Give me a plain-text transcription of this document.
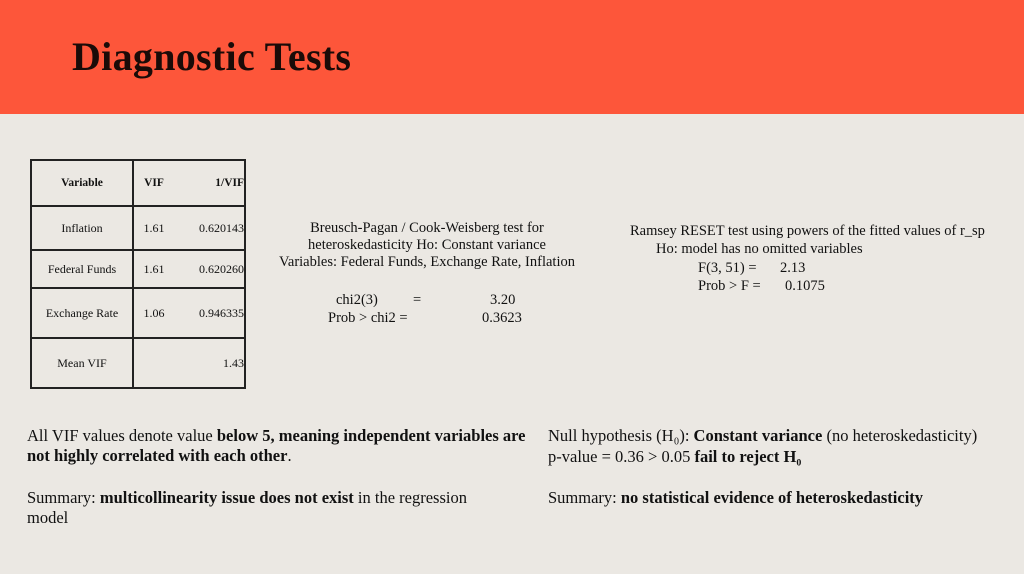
Diagnostic Tests
Variable	VIF	1/VIF
Inflation	1.61	0.620143
Federal Funds	1.61	0.620260
Exchange Rate	1.06	0.946335
Mean VIF		1.43
Breusch-Pagan / Cook-Weisberg test for
heteroskedasticity Ho: Constant variance
Variables: Federal Funds, Exchange Rate, Inflation
chi2(3) =	3.20
Prob > chi2 =	0.3623
Ramsey RESET test using powers of the fitted values of r_sp
Ho: model has no omitted variables
F(3, 51) = 2.13
Prob > F = 0.1075
All VIF values denote value below 5, meaning independent variables are not highly correlated with each other.
Summary: multicollinearity issue does not exist in the regression model
Null hypothesis (H₀): Constant variance (no heteroskedasticity)
p-value = 0.36 > 0.05 fail to reject H₀
Summary: no statistical evidence of heteroskedasticity
